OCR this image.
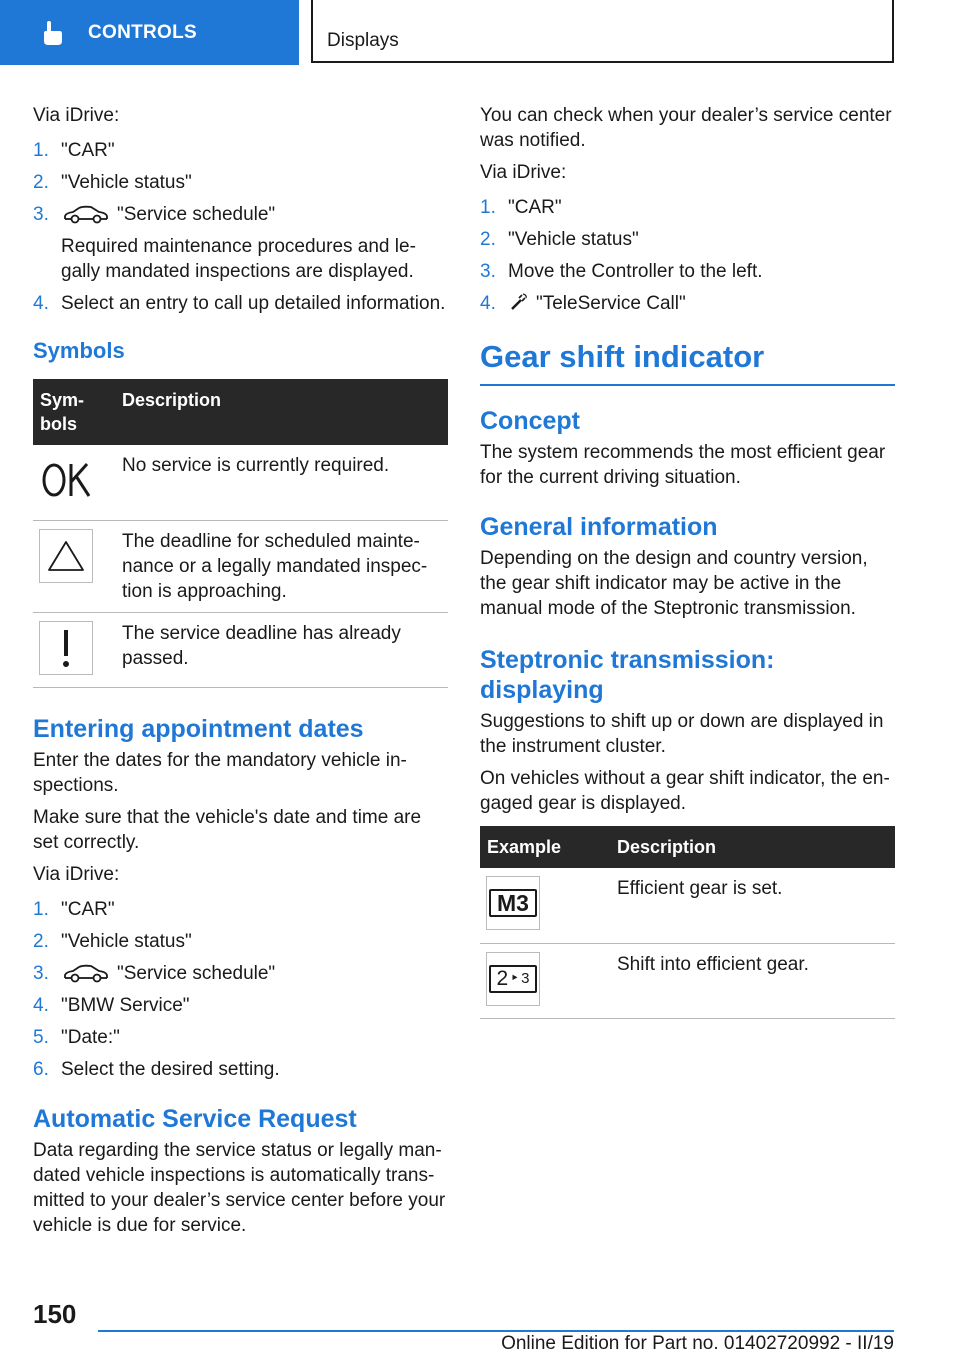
CONTROLS	Displays

Via iDrive:

1. "CAR"
2. "Vehicle status"
3.	"Service schedule"
Required maintenance procedures and legally mandated inspections are displayed.
4. Select an entry to call up detailed information.
Symbols
Symbols	Description

	No service is currently required.

	The deadline for scheduled maintenance or a legally mandated inspection is approaching.

	The service deadline has already passed.
Entering appointment dates

Enter the dates for the mandatory vehicle inspections.

Make sure that the vehicle's date and time are set correctly.

Via iDrive:

1. "CAR"
2. "Vehicle status"
3.	"Service schedule"
4. "BMW Service"
5. "Date:"
6. Select the desired setting.
Automatic Service Request

Data regarding the service status or legally mandated vehicle inspections is automatically transmitted to your dealer’s service center before your vehicle is due for service.

You can check when your dealer’s service center was notified.

Via iDrive:

1. "CAR"
2. "Vehicle status"
3. Move the Controller to the left.
4. "TeleService Call"
Gear shift indicator
Concept

The system recommends the most efficient gear for the current driving situation.

General information

Depending on the design and country version, the gear shift indicator may be active in the manual mode of the Steptronic transmission.

Steptronic transmission: displaying

Suggestions to shift up or down are displayed in the instrument cluster.

On vehicles without a gear shift indicator, the engaged gear is displayed.

Example	Description

M3	Efficient gear is set.

2 ‣ 3	Shift into efficient gear.
150
Online Edition for Part no. 01402720992 - II/19
